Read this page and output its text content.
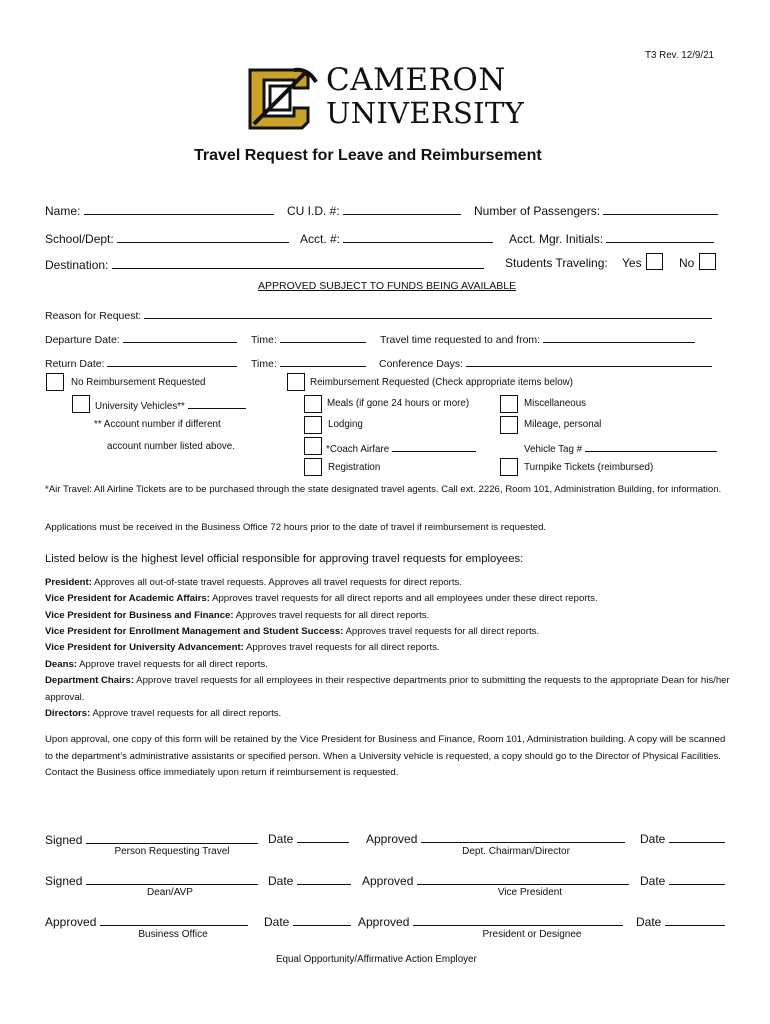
T3 Rev. 12/9/21
CAMERON
UNIVERSITY
Travel Request for Leave and Reimbursement
Name:	CU I.D. #:	Number of Passengers:
School/Dept:	Acct. #:	Acct. Mgr. Initials:
Destination:	Students Traveling: Yes	No
APPROVED SUBJECT TO FUNDS BEING AVAILABLE
Reason for Request:
Departure Date:	Time:	Travel time requested to and from:
Return Date:	Time:	Conference Days:
No Reimbursement Requested
University Vehicles**
** Account number if different
account number listed above.
Reimbursement Requested (Check appropriate items below)
Meals (if gone 24 hours or more)
Lodging
*Coach Airfare
Registration
Miscellaneous
Mileage, personal
Vehicle Tag #
Turnpike Tickets (reimbursed)
*Air Travel: All Airline Tickets are to be purchased through the state designated travel agents. Call ext. 2226, Room 101, Administration Building, for information.
Applications must be received in the Business Office 72 hours prior to the date of travel if reimbursement is requested.
Listed below is the highest level official responsible for approving travel requests for employees:
President: Approves all out-of-state travel requests. Approves all travel requests for direct reports.
Vice President for Academic Affairs: Approves travel requests for all direct reports and all employees under these direct reports.
Vice President for Business and Finance: Approves travel requests for all direct reports.
Vice President for Enrollment Management and Student Success: Approves travel requests for all direct reports.
Vice President for University Advancement: Approves travel requests for all direct reports.
Deans: Approve travel requests for all direct reports.
Department Chairs: Approve travel requests for all employees in their respective departments prior to submitting the requests to the appropriate Dean for his/her approval.
Directors: Approve travel requests for all direct reports.
Upon approval, one copy of this form will be retained by the Vice President for Business and Finance, Room 101, Administration building. A copy will be scanned to the department’s administrative assistants or specified person. When a University vehicle is requested, a copy should go to the Director of Physical Facilities. Contact the Business office immediately upon return if reimbursement is requested.
Signed	Date	Approved	Date
Person Requesting Travel	Dept. Chairman/Director
Signed	Date	Approved	Date
Dean/AVP	Vice President
Approved	Date	Approved	Date
Business Office	President or Designee
Equal Opportunity/Affirmative Action Employer
